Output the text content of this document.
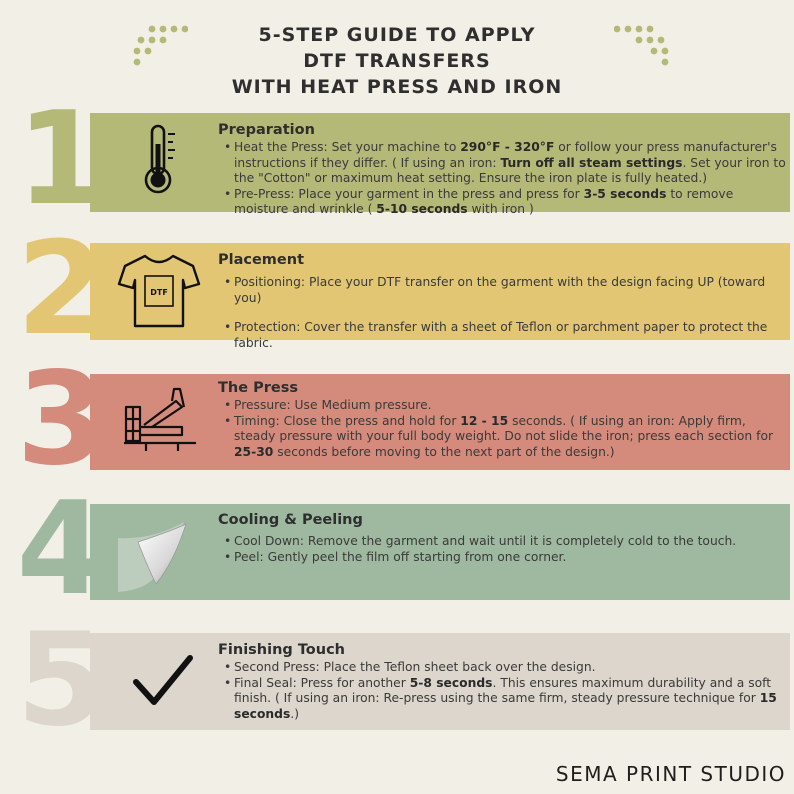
5-STEP GUIDE TO APPLY
DTF TRANSFERS
WITH HEAT PRESS AND IRON
1
2
3
4
5
DTF
Preparation
• Heat the Press: Set your machine to 290°F - 320°F or follow your press manufacturer's instructions if they differ. ( If using an iron: Turn off all steam settings. Set your iron to the "Cotton" or maximum heat setting. Ensure the iron plate is fully heated.)
• Pre-Press: Place your garment in the press and press for 3-5 seconds to remove moisture and wrinkle ( 5-10 seconds with iron )
Placement
• Positioning: Place your DTF transfer on the garment with the design facing UP (toward you)
• Protection: Cover the transfer with a sheet of Teflon or parchment paper to protect the fabric.
The Press
• Pressure: Use Medium pressure.
• Timing: Close the press and hold for 12 - 15 seconds. ( If using an iron: Apply firm, steady pressure with your full body weight. Do not slide the iron; press each section for 25-30 seconds before moving to the next part of the design.)
Cooling & Peeling
• Cool Down: Remove the garment and wait until it is completely cold to the touch.
• Peel: Gently peel the film off starting from one corner.
Finishing Touch
• Second Press: Place the Teflon sheet back over the design.
• Final Seal: Press for another 5-8 seconds. This ensures maximum durability and a soft finish. ( If using an iron: Re-press using the same firm, steady pressure technique for 15 seconds.)
SEMA PRINT STUDIO
